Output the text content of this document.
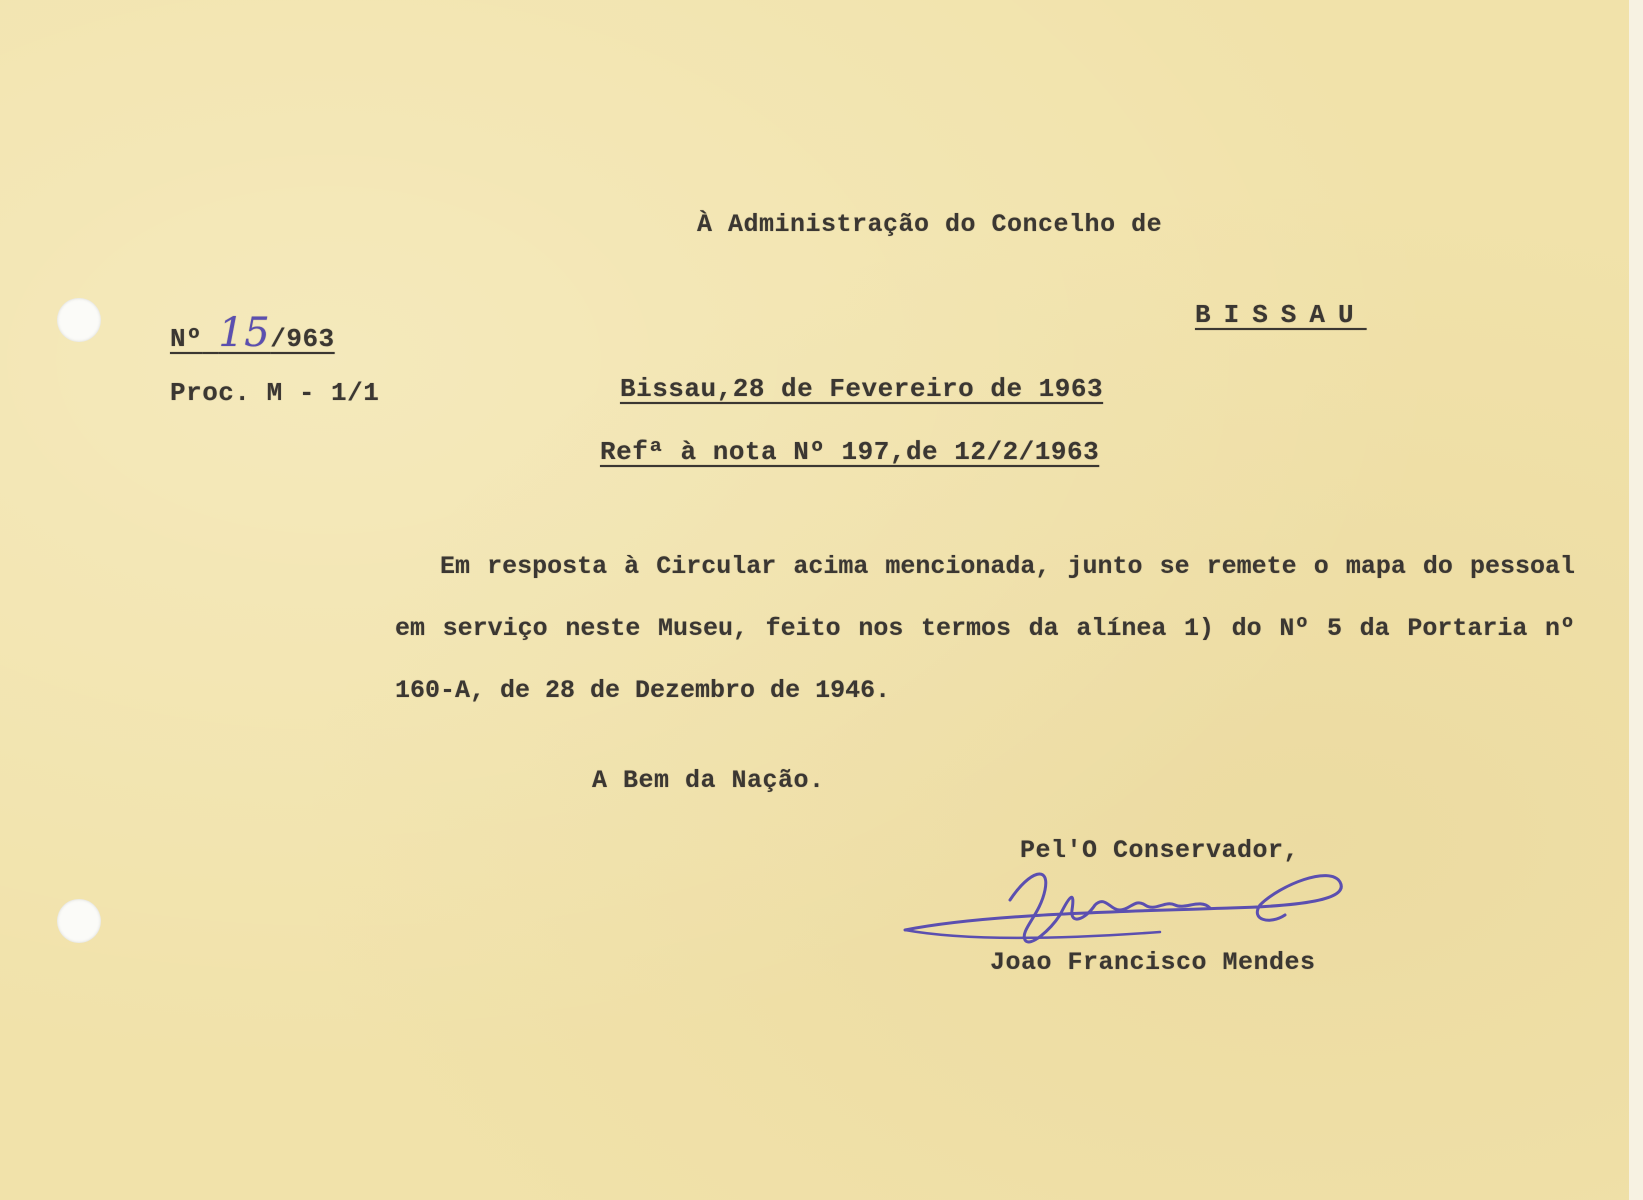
À Administração do Concelho de
BISSAU
Nº 15/963
Proc. M - 1/1	Bissau,28 de Fevereiro de 1963
Refª à nota Nº 197,de 12/2/1963
Em resposta à Circular acima mencionada, junto se remete o mapa do pessoal em serviço neste Museu, feito nos termos da alínea 1) do Nº 5 da Portaria nº 160-A, de 28 de Dezembro de 1946.
A Bem da Nação.
Pel'O Conservador,
Joao Francisco Mendes
